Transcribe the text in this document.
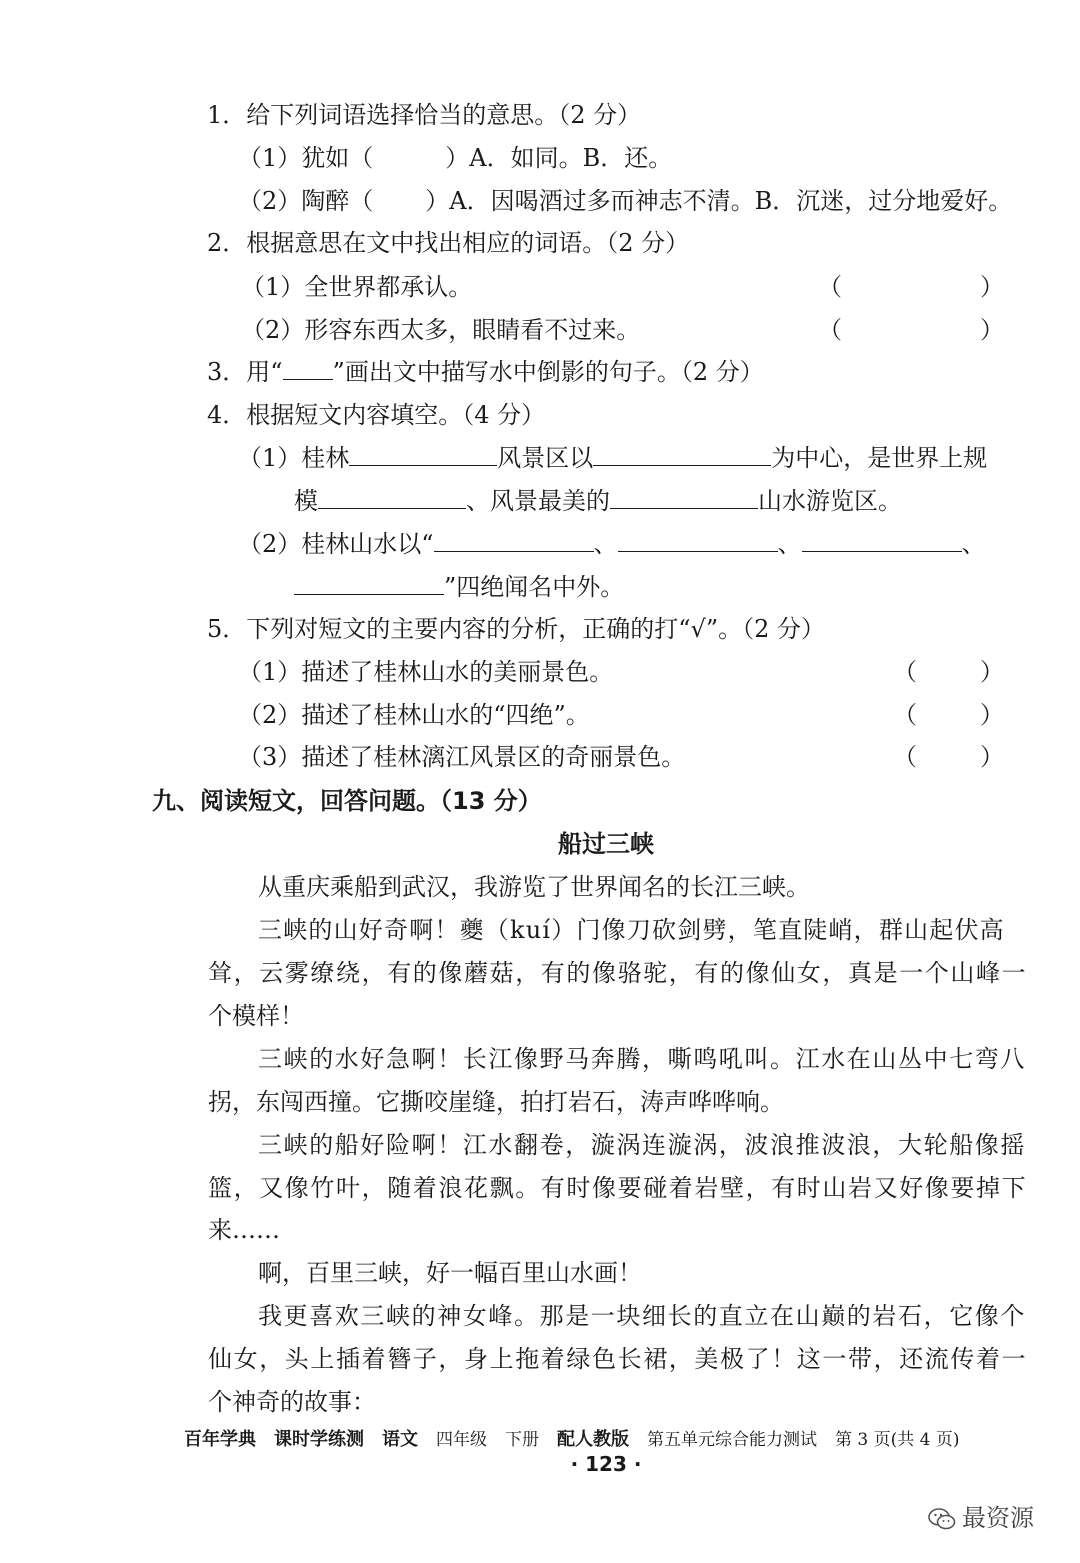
1．给下列词语选择恰当的意思。（2 分）
（1）犹如（	）A．如同。B．还。
（2）陶醉（ ）A．因喝酒过多而神志不清。B．沉迷，过分地爱好。
2．根据意思在文中找出相应的词语。（2 分）
（1）全世界都承认。	（	）
（2）形容东西太多，眼睛看不过来。	（	）
3．用“ ”画出文中描写水中倒影的句子。（2 分）
4．根据短文内容填空。（4 分）
（1）桂林	风景区以	为中心，是世界上规
模	、风景最美的	山水游览区。
（2）桂林山水以“	、	、	、
”四绝闻名中外。
5．下列对短文的主要内容的分析，正确的打“√”。（2 分）
（1）描述了桂林山水的美丽景色。	（	）
（2）描述了桂林山水的“四绝”。	（	）
（3）描述了桂林漓江风景区的奇丽景色。	（	）
九、阅读短文，回答问题。（13 分）
船过三峡
从重庆乘船到武汉，我游览了世界闻名的长江三峡。
三峡的山好奇啊！夔（kuí）门像刀砍剑劈，笔直陡峭，群山起伏高
耸，云雾缭绕，有的像蘑菇，有的像骆驼，有的像仙女，真是一个山峰一
个模样！
三峡的水好急啊！长江像野马奔腾，嘶鸣吼叫。江水在山丛中七弯八
拐，东闯西撞。它撕咬崖缝，拍打岩石，涛声哗哗响。
三峡的船好险啊！江水翻卷，漩涡连漩涡，波浪推波浪，大轮船像摇
篮，又像竹叶，随着浪花飘。有时像要碰着岩壁，有时山岩又好像要掉下
来……
啊，百里三峡，好一幅百里山水画！
我更喜欢三峡的神女峰。那是一块细长的直立在山巅的岩石，它像个
仙女，头上插着簪子，身上拖着绿色长裙，美极了！这一带，还流传着一
个神奇的故事：
百年学典 课时学练测 语文 四年级 下册 配人教版 第五单元综合能力测试 第 3 页(共 4 页)
· 123 ·
最资源
